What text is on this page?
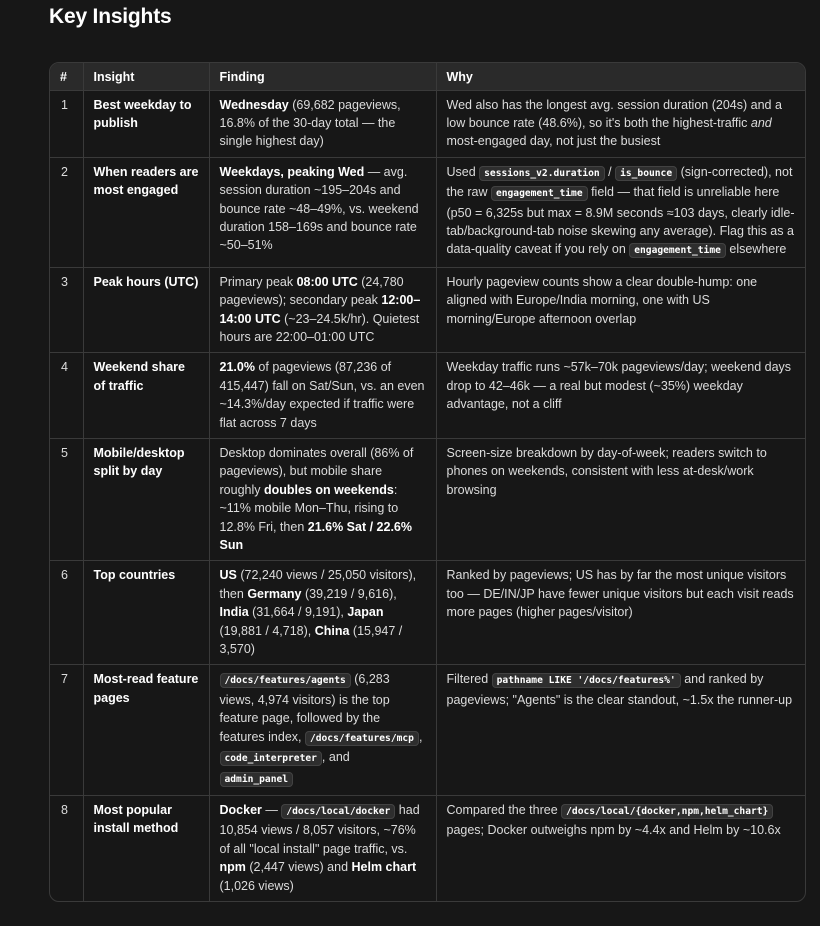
Key Insights
#	Insight	Finding	Why
1	Best weekday to publish	Wednesday (69,682 pageviews, 16.8% of the 30-day total — the single highest day)	Wed also has the longest avg. session duration (204s) and a low bounce rate (48.6%), so it's both the highest-traffic and most-engaged day, not just the busiest
2	When readers are most engaged	Weekdays, peaking Wed — avg. session duration ~195–204s and bounce rate ~48–49%, vs. weekend duration 158–169s and bounce rate ~50–51%	Used sessions_v2.duration / is_bounce (sign-corrected), not the raw engagement_time field — that field is unreliable here (p50 = 6,325s but max = 8.9M seconds ≈103 days, clearly idle-tab/background-tab noise skewing any average). Flag this as a data-quality caveat if you rely on engagement_time elsewhere
3	Peak hours (UTC)	Primary peak 08:00 UTC (24,780 pageviews); secondary peak 12:00–14:00 UTC (~23–24.5k/hr). Quietest hours are 22:00–01:00 UTC	Hourly pageview counts show a clear double-hump: one aligned with Europe/India morning, one with US morning/Europe afternoon overlap
4	Weekend share of traffic	21.0% of pageviews (87,236 of 415,447) fall on Sat/Sun, vs. an even ~14.3%/day expected if traffic were flat across 7 days	Weekday traffic runs ~57k–70k pageviews/day; weekend days drop to 42–46k — a real but modest (~35%) weekday advantage, not a cliff
5	Mobile/desktop split by day	Desktop dominates overall (86% of pageviews), but mobile share roughly doubles on weekends: ~11% mobile Mon–Thu, rising to 12.8% Fri, then 21.6% Sat / 22.6% Sun	Screen-size breakdown by day-of-week; readers switch to phones on weekends, consistent with less at-desk/work browsing
6	Top countries	US (72,240 views / 25,050 visitors), then Germany (39,219 / 9,616), India (31,664 / 9,191), Japan (19,881 / 4,718), China (15,947 / 3,570)	Ranked by pageviews; US has by far the most unique visitors too — DE/IN/JP have fewer unique visitors but each visit reads more pages (higher pages/visitor)
7	Most-read feature pages	/docs/features/agents (6,283 views, 4,974 visitors) is the top feature page, followed by the features index, /docs/features/mcp , code_interpreter , and admin_panel	Filtered pathname LIKE '/docs/features%' and ranked by pageviews; "Agents" is the clear standout, ~1.5x the runner-up
8	Most popular install method	Docker — /docs/local/docker had 10,854 views / 8,057 visitors, ~76% of all "local install" page traffic, vs. npm (2,447 views) and Helm chart (1,026 views)	Compared the three /docs/local/{docker,npm,helm_chart} pages; Docker outweighs npm by ~4.4x and Helm by ~10.6x
